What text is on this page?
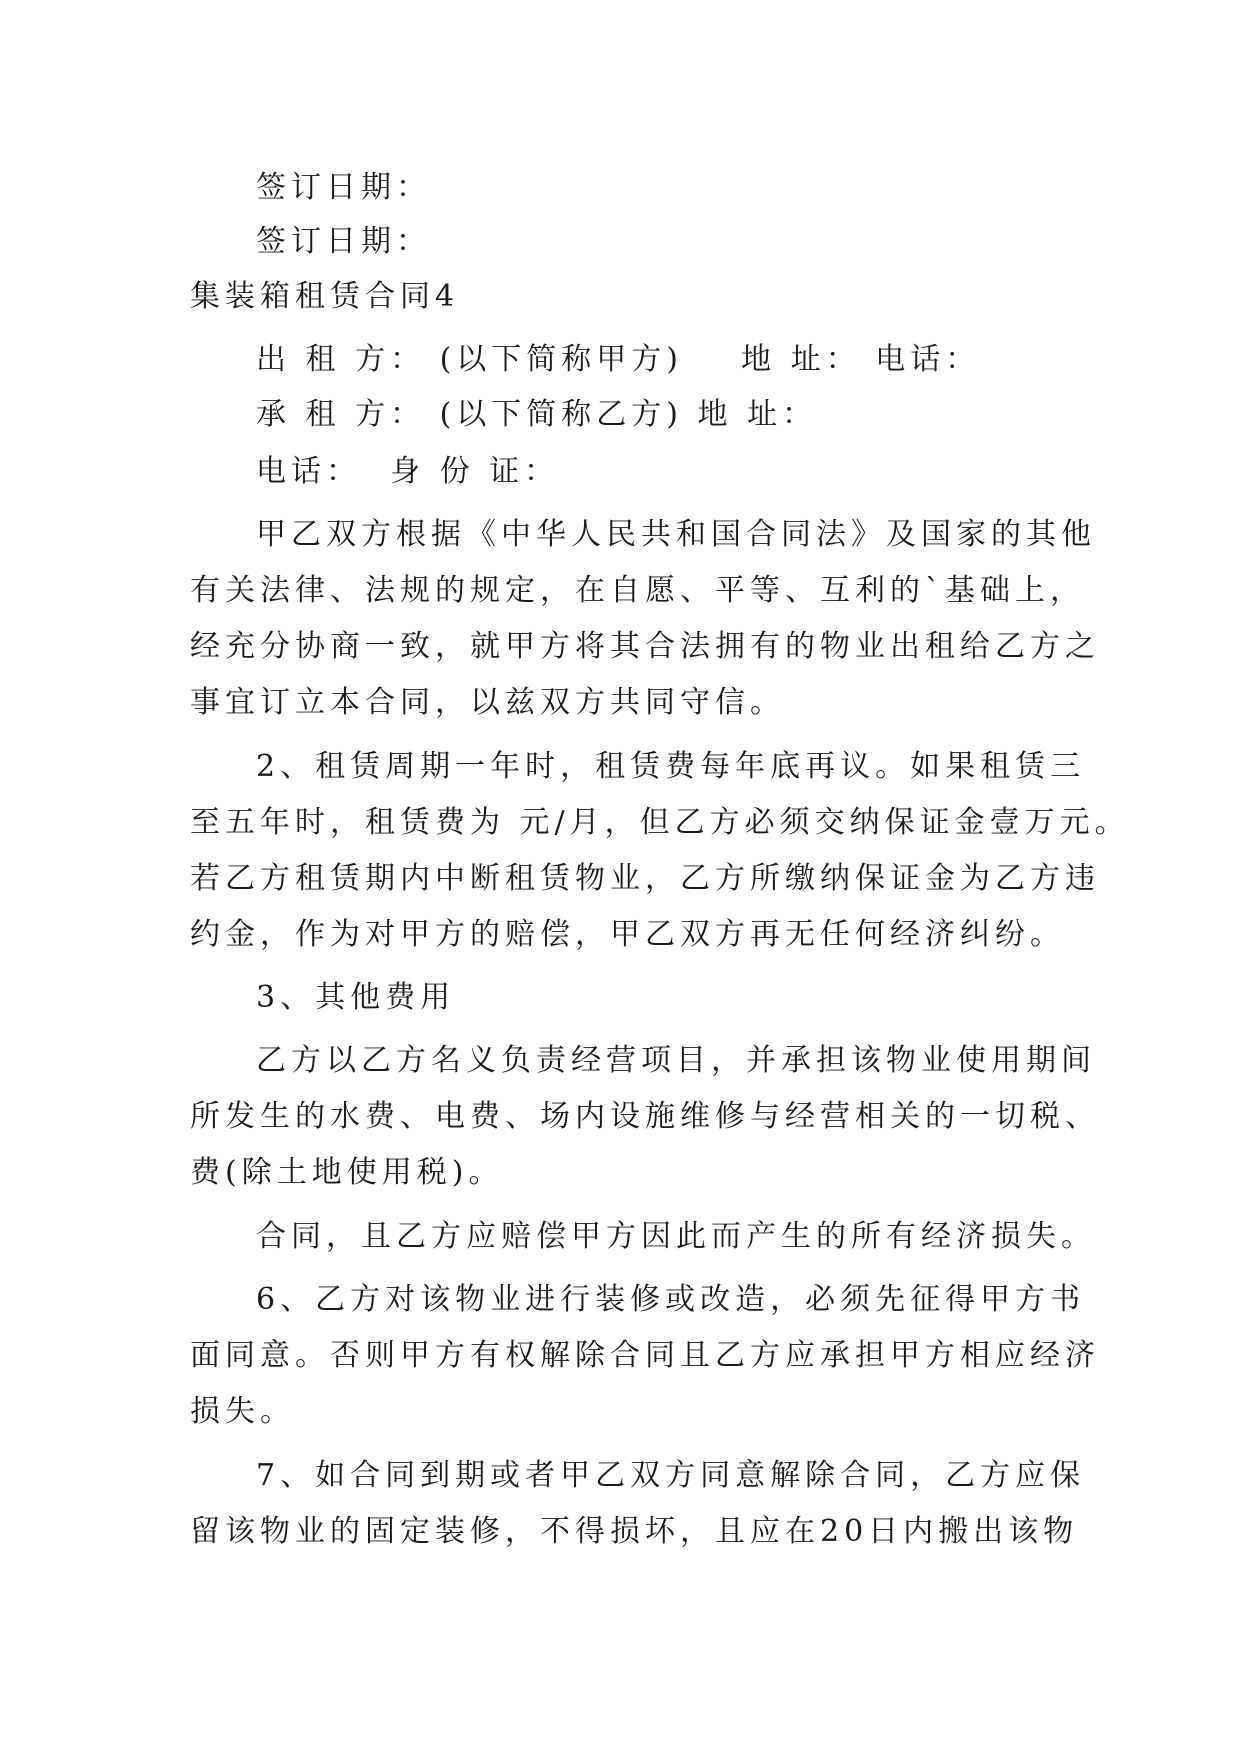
签订日期：
签订日期：
集装箱租赁合同4
出 租 方： (以下简称甲方)    地 址： 电话：
承 租 方： (以下简称乙方) 地 址：
电话：  身 份 证：
甲乙双方根据《中华人民共和国合同法》及国家的其他
有关法律、法规的规定，在自愿、平等、互利的`基础上，
经充分协商一致，就甲方将其合法拥有的物业出租给乙方之
事宜订立本合同，以兹双方共同守信。
2、租赁周期一年时，租赁费每年底再议。如果租赁三
至五年时，租赁费为 元/月，但乙方必须交纳保证金壹万元。
若乙方租赁期内中断租赁物业，乙方所缴纳保证金为乙方违
约金，作为对甲方的赔偿，甲乙双方再无任何经济纠纷。
3、其他费用
乙方以乙方名义负责经营项目，并承担该物业使用期间
所发生的水费、电费、场内设施维修与经营相关的一切税、
费(除土地使用税)。
合同，且乙方应赔偿甲方因此而产生的所有经济损失。
6、乙方对该物业进行装修或改造，必须先征得甲方书
面同意。否则甲方有权解除合同且乙方应承担甲方相应经济
损失。
7、如合同到期或者甲乙双方同意解除合同，乙方应保
留该物业的固定装修，不得损坏，且应在20日内搬出该物
